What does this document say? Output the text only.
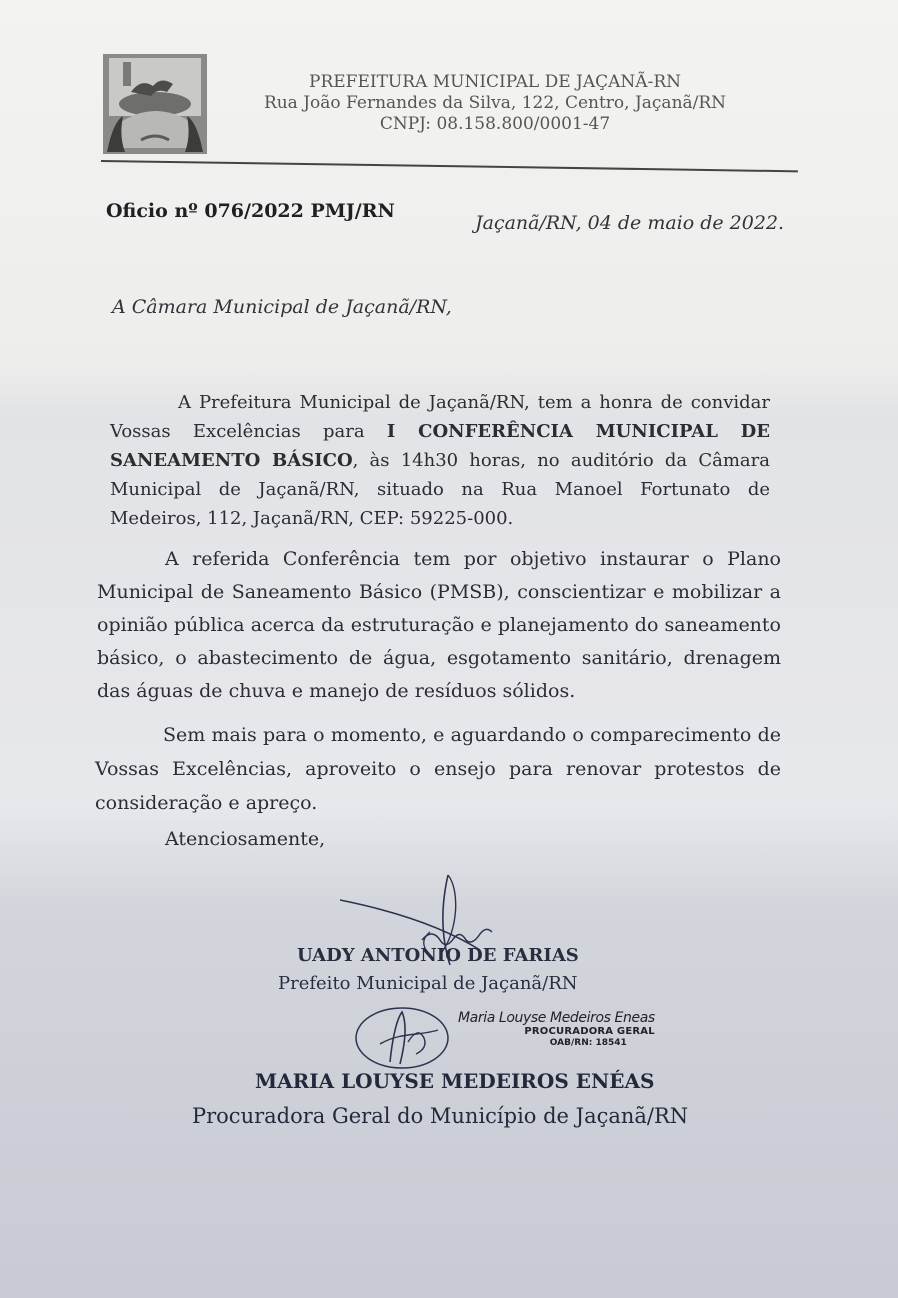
PREFEITURA MUNICIPAL DE JAÇANÃ-RN
Rua João Fernandes da Silva, 122, Centro, Jaçanã/RN
CNPJ: 08.158.800/0001-47
Oficio nº 076/2022 PMJ/RN
Jaçanã/RN, 04 de maio de 2022.
A Câmara Municipal de Jaçanã/RN,
A Prefeitura Municipal de Jaçanã/RN, tem a honra de convidar Vossas Excelências para I CONFERÊNCIA MUNICIPAL DE SANEAMENTO BÁSICO, às 14h30 horas, no auditório da Câmara Municipal de Jaçanã/RN, situado na Rua Manoel Fortunato de Medeiros, 112, Jaçanã/RN, CEP: 59225-000.
A referida Conferência tem por objetivo instaurar o Plano Municipal de Saneamento Básico (PMSB), conscientizar e mobilizar a opinião pública acerca da estruturação e planejamento do saneamento básico, o abastecimento de água, esgotamento sanitário, drenagem das águas de chuva e manejo de resíduos sólidos.
Sem mais para o momento, e aguardando o comparecimento de Vossas Excelências, aproveito o ensejo para renovar protestos de consideração e apreço.
Atenciosamente,
UADY ANTONIO DE FARIAS
Prefeito Municipal de Jaçanã/RN
Maria Louyse Medeiros Eneas
PROCURADORA GERAL
OAB/RN: 18541
MARIA LOUYSE MEDEIROS ENÉAS
Procuradora Geral do Município de Jaçanã/RN
